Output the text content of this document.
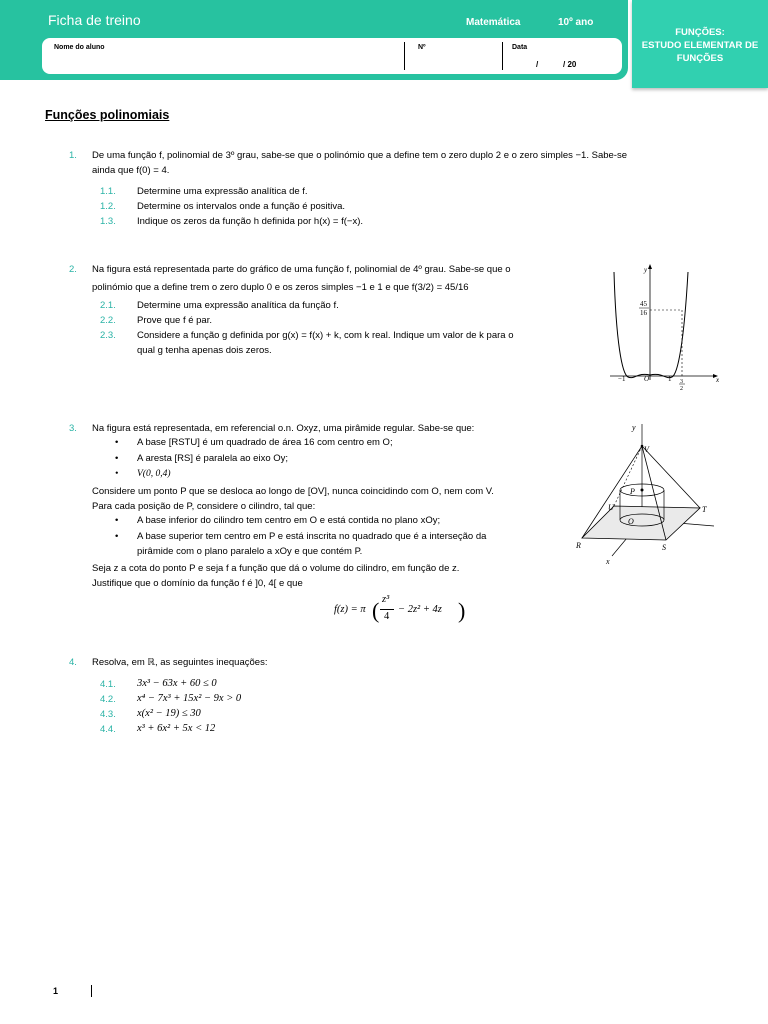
Ficha de treino	Matemática	10º ano
Nome do aluno	Nº	Data
/	/ 20
FUNÇÕES:
ESTUDO ELEMENTAR DE
FUNÇÕES
Funções polinomiais
1. De uma função f, polinomial de 3º grau, sabe-se que o polinómio que a define tem o zero duplo 2 e o zero simples −1. Sabe-se
ainda que f(0) = 4.
1.1. Determine uma expressão analítica de f.
1.2. Determine os intervalos onde a função é positiva.
1.3. Indique os zeros da função h definida por h(x) = f(−x).
2. Na figura está representada parte do gráfico de uma função f, polinomial de 4º grau. Sabe-se que o
polinómio que a define trem o zero duplo 0 e os zeros simples −1 e 1 e que f(3/2) = 45/16
2.1. Determine uma expressão analítica da função f.
2.2. Prove que f é par.
2.3. Considere a função g definida por g(x) = f(x) + k, com k real. Indique um valor de k para o
qual g tenha apenas dois zeros.
y
x
45
16
−1	O	1 3
2
3. Na figura está representada, em referencial o.n. Oxyz, uma pirâmide regular. Sabe-se que:
• A base [RSTU] é um quadrado de área 16 com centro em O;
• A aresta [RS] é paralela ao eixo Oy;
• V(0, 0,4)
Considere um ponto P que se desloca ao longo de [OV], nunca coincidindo com O, nem com V.
Para cada posição de P, considere o cilindro, tal que:
• A base inferior do cilindro tem centro em O e está contida no plano xOy;
• A base superior tem centro em P e está inscrita no quadrado que é a interseção da
pirâmide com o plano paralelo a xOy e que contém P.
Seja z a cota do ponto P e seja f a função que dá o volume do cilindro, em função de z.
Justifique que o domínio da função f é ]0, 4[ e que
f(z) = π ( z³
4
− 2z² + 4z )
y
V
P
U	T
O
R	S
x
4. Resolva, em ℝ, as seguintes inequações:
4.1. 3x³ − 63x + 60 ≤ 0
4.2. x⁴ − 7x³ + 15x² − 9x > 0
4.3. x(x² − 19) ≤ 30
4.4. x³ + 6x² + 5x < 12
1
